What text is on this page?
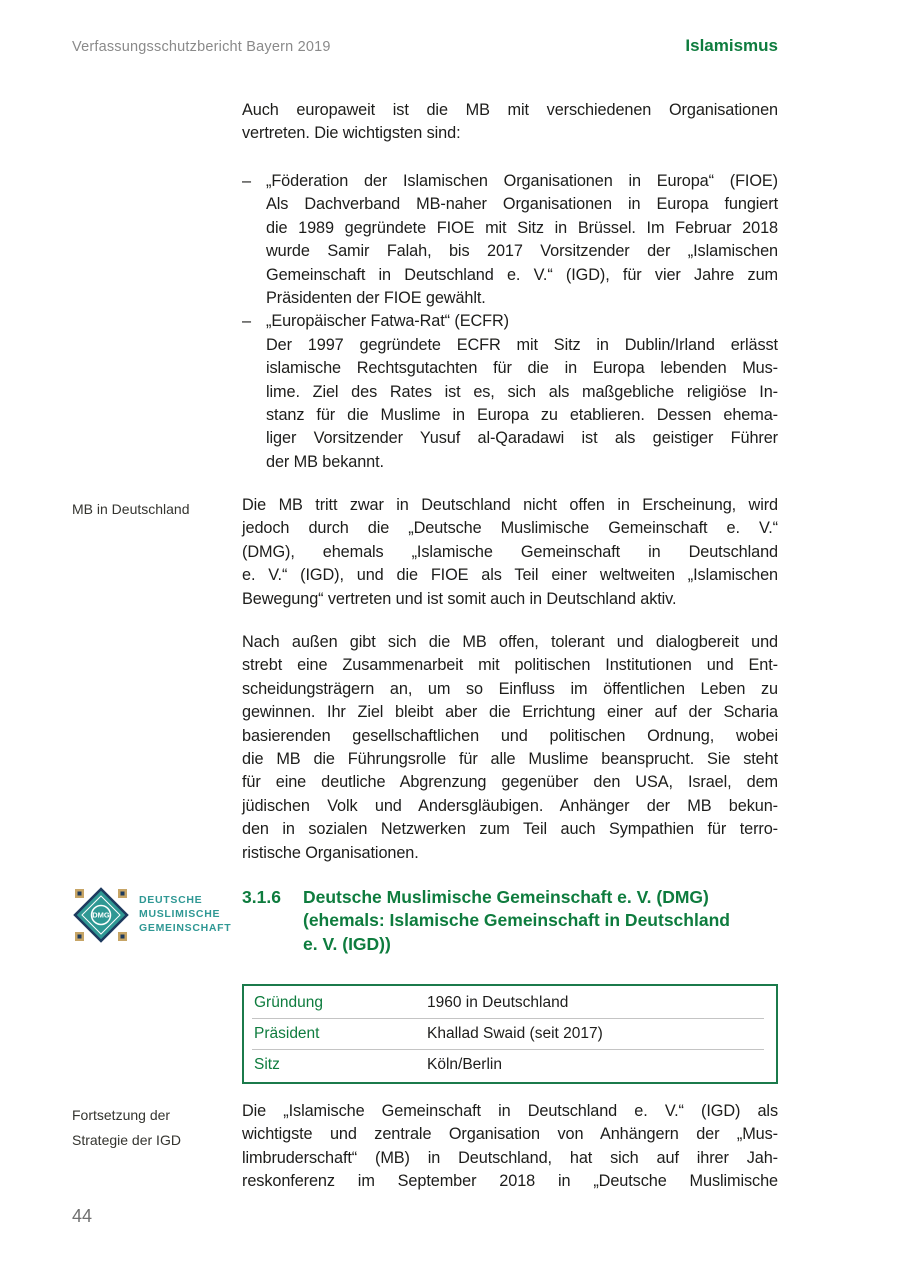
Verfassungsschutzbericht Bayern 2019	Islamismus
Auch europaweit ist die MB mit verschiedenen Organisationen
vertreten. Die wichtigsten sind:
– „Föderation der Islamischen Organisationen in Europa“ (FIOE)
Als Dachverband MB-naher Organisationen in Europa fungiert
die 1989 gegründete FIOE mit Sitz in Brüssel. Im Februar 2018
wurde Samir Falah, bis 2017 Vorsitzender der „Islamischen
Gemeinschaft in Deutschland e. V.“ (IGD), für vier Jahre zum
Präsidenten der FIOE gewählt.
– „Europäischer Fatwa-Rat“ (ECFR)
Der 1997 gegründete ECFR mit Sitz in Dublin/Irland erlässt
islamische Rechtsgutachten für die in Europa lebenden Mus-
lime. Ziel des Rates ist es, sich als maßgebliche religiöse In-
stanz für die Muslime in Europa zu etablieren. Dessen ehema-
liger Vorsitzender Yusuf al-Qaradawi ist als geistiger Führer
der MB bekannt.
MB in Deutschland	Die MB tritt zwar in Deutschland nicht offen in Erscheinung, wird
jedoch durch die „Deutsche Muslimische Gemeinschaft e. V.“
(DMG), ehemals „Islamische Gemeinschaft in Deutschland
e. V.“ (IGD), und die FIOE als Teil einer weltweiten „Islamischen
Bewegung“ vertreten und ist somit auch in Deutschland aktiv.
Nach außen gibt sich die MB offen, tolerant und dialogbereit und
strebt eine Zusammenarbeit mit politischen Institutionen und Ent-
scheidungsträgern an, um so Einfluss im öffentlichen Leben zu
gewinnen. Ihr Ziel bleibt aber die Errichtung einer auf der Scharia
basierenden gesellschaftlichen und politischen Ordnung, wobei
die MB die Führungsrolle für alle Muslime beansprucht. Sie steht
für eine deutliche Abgrenzung gegenüber den USA, Israel, dem
jüdischen Volk und Andersgläubigen. Anhänger der MB bekun-
den in sozialen Netzwerken zum Teil auch Sympathien für terro-
ristische Organisationen.
DMG
DEUTSCHE
MUSLIMISCHE
GEMEINSCHAFT
3.1.6	Deutsche Muslimische Gemeinschaft e. V. (DMG)
(ehemals: Islamische Gemeinschaft in Deutschland
e. V. (IGD))
Gründung	1960 in Deutschland
Präsident	Khallad Swaid (seit 2017)
Sitz	Köln/Berlin
Fortsetzung der
Strategie der IGD
Die „Islamische Gemeinschaft in Deutschland e. V.“ (IGD) als
wichtigste und zentrale Organisation von Anhängern der „Mus-
limbruderschaft“ (MB) in Deutschland, hat sich auf ihrer Jah-
reskonferenz im September 2018 in „Deutsche Muslimische
44
